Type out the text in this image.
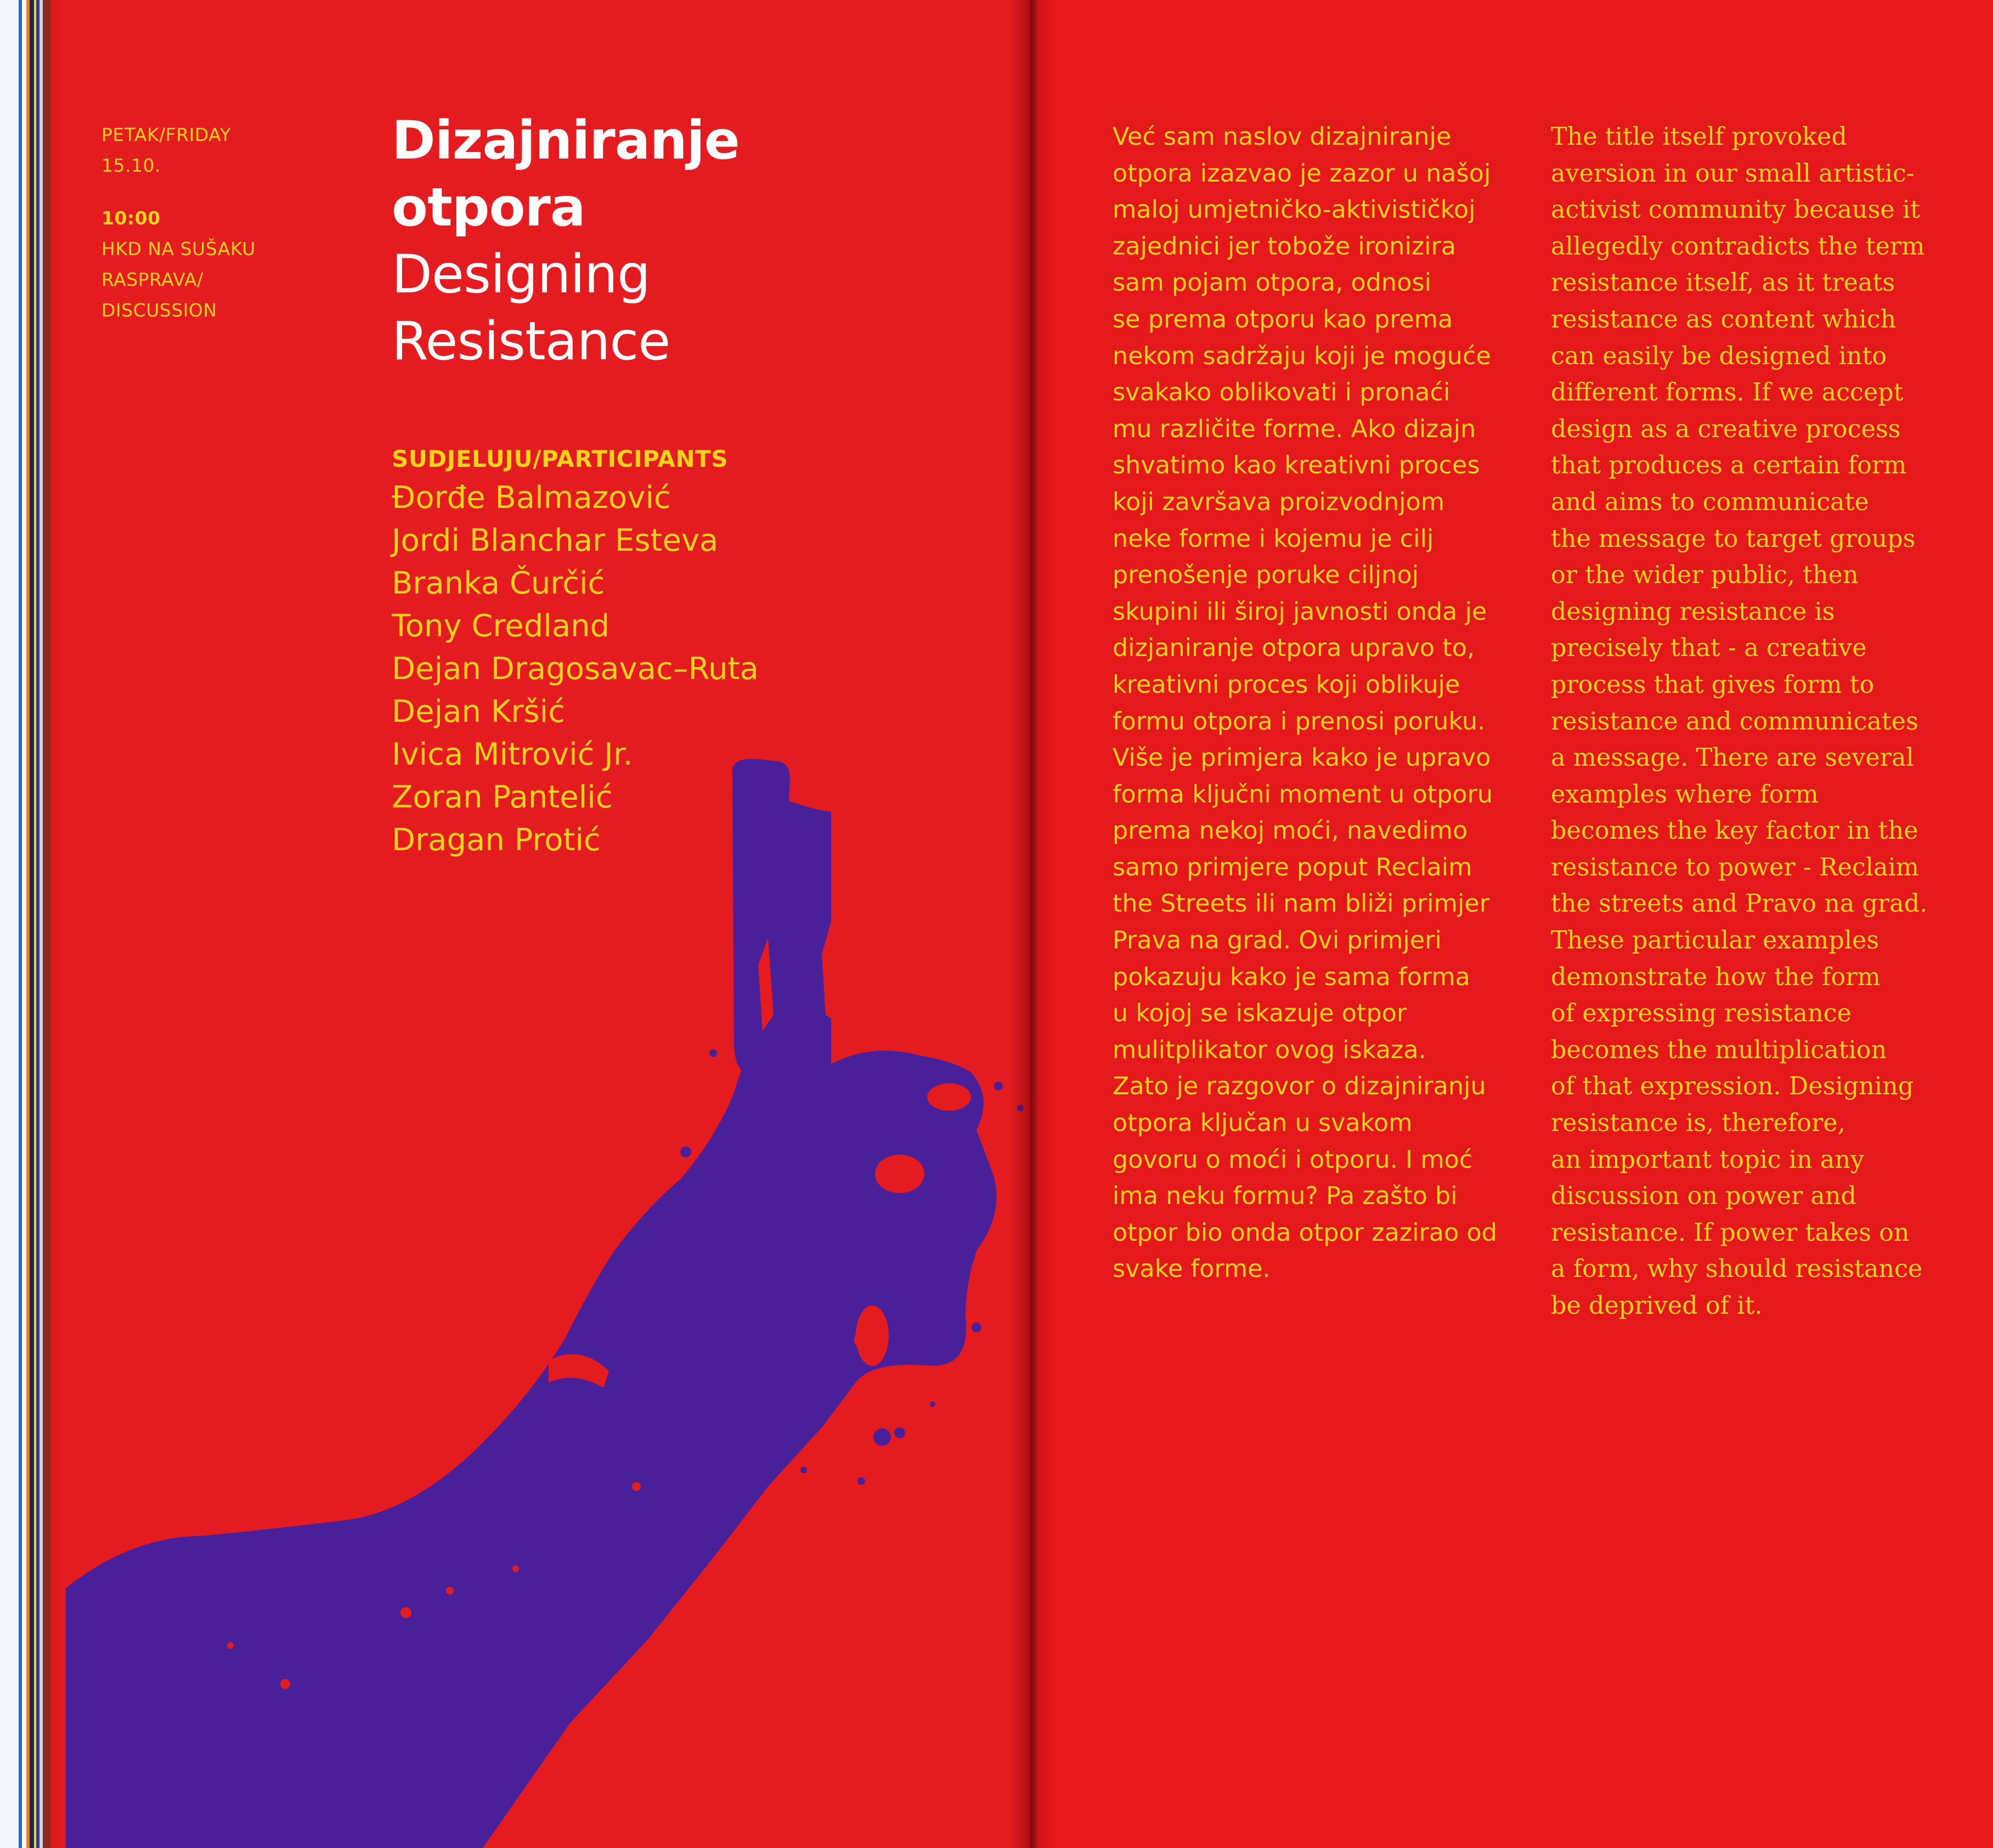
PETAK/FRIDAY
15.10.
10:00
HKD NA SUŠAKU
RASPRAVA/
DISCUSSION
Dizajniranje
otpora
Designing
Resistance
SUDJELUJU/PARTICIPANTS
Đorđe Balmazović
Jordi Blanchar Esteva
Branka Čurčić
Tony Credland
Dejan Dragosavac–Ruta
Dejan Kršić
Ivica Mitrović Jr.
Zoran Pantelić
Dragan Protić
Već sam naslov dizajniranje
otpora izazvao je zazor u našoj
maloj umjetničko-aktivističkoj
zajednici jer tobože ironizira
sam pojam otpora, odnosi
se prema otporu kao prema
nekom sadržaju koji je moguće
svakako oblikovati i pronaći
mu različite forme. Ako dizajn
shvatimo kao kreativni proces
koji završava proizvodnjom
neke forme i kojemu je cilj
prenošenje poruke ciljnoj
skupini ili široj javnosti onda je
dizjaniranje otpora upravo to,
kreativni proces koji oblikuje
formu otpora i prenosi poruku.
Više je primjera kako je upravo
forma ključni moment u otporu
prema nekoj moći, navedimo
samo primjere poput Reclaim
the Streets ili nam bliži primjer
Prava na grad. Ovi primjeri
pokazuju kako je sama forma
u kojoj se iskazuje otpor
mulitplikator ovog iskaza.
Zato je razgovor o dizajniranju
otpora ključan u svakom
govoru o moći i otporu. I moć
ima neku formu? Pa zašto bi
otpor bio onda otpor zazirao od
svake forme.
The title itself provoked
aversion in our small artistic-
activist community because it
allegedly contradicts the term
resistance itself, as it treats
resistance as content which
can easily be designed into
different forms. If we accept
design as a creative process
that produces a certain form
and aims to communicate
the message to target groups
or the wider public, then
designing resistance is
precisely that - a creative
process that gives form to
resistance and communicates
a message. There are several
examples where form
becomes the key factor in the
resistance to power - Reclaim
the streets and Pravo na grad.
These particular examples
demonstrate how the form
of expressing resistance
becomes the multiplication
of that expression. Designing
resistance is, therefore,
an important topic in any
discussion on power and
resistance. If power takes on
a form, why should resistance
be deprived of it.
